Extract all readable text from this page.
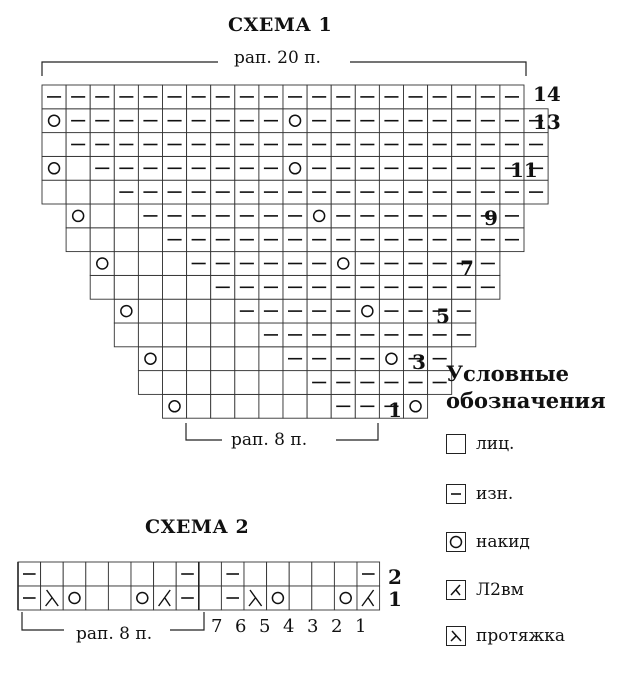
СХЕМА 1
рап. 20 п.
рап. 8 п.
14
13
11
9
7
5
3
1
Условные обозначения
лиц.
изн.
накид
Л2вм
протяжка
СХЕМА 2
2
1
рап. 8 п.	7 6 5 4 3 2 1
